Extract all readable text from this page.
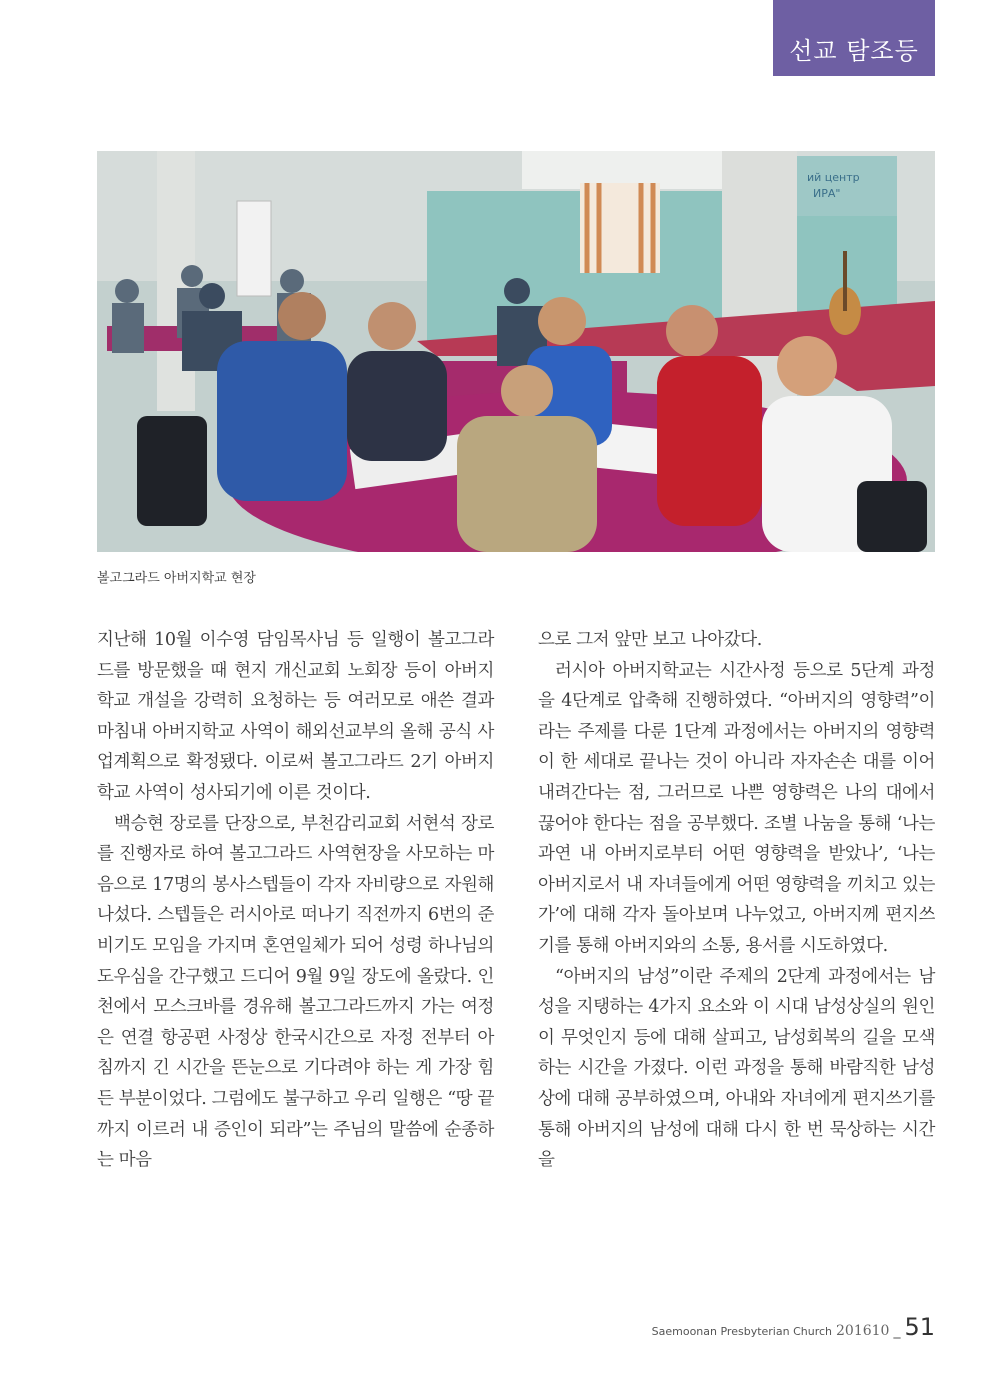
선교 탐조등
ий центр
ИРА"
볼고그라드 아버지학교 현장

지난해 10월 이수영 담임목사님 등 일행이 볼고그라드를 방문했을 때 현지 개신교회 노회장 등이 아버지학교 개설을 강력히 요청하는 등 여러모로 애쓴 결과 마침내 아버지학교 사역이 해외선교부의 올해 공식 사업계획으로 확정됐다. 이로써 볼고그라드 2기 아버지학교 사역이 성사되기에 이른 것이다.

백승현 장로를 단장으로, 부천감리교회 서현석 장로를 진행자로 하여 볼고그라드 사역현장을 사모하는 마음으로 17명의 봉사스텝들이 각자 자비량으로 자원해 나섰다. 스텝들은 러시아로 떠나기 직전까지 6번의 준비기도 모임을 가지며 혼연일체가 되어 성령 하나님의 도우심을 간구했고 드디어 9월 9일 장도에 올랐다. 인천에서 모스크바를 경유해 볼고그라드까지 가는 여정은 연결 항공편 사정상 한국시간으로 자정 전부터 아침까지 긴 시간을 뜬눈으로 기다려야 하는 게 가장 힘든 부분이었다. 그럼에도 불구하고 우리 일행은 “땅 끝까지 이르러 내 증인이 되라”는 주님의 말씀에 순종하는 마음

으로 그저 앞만 보고 나아갔다.

러시아 아버지학교는 시간사정 등으로 5단계 과정을 4단계로 압축해 진행하였다. “아버지의 영향력”이라는 주제를 다룬 1단계 과정에서는 아버지의 영향력이 한 세대로 끝나는 것이 아니라 자자손손 대를 이어 내려간다는 점, 그러므로 나쁜 영향력은 나의 대에서 끊어야 한다는 점을 공부했다. 조별 나눔을 통해 ‘나는 과연 내 아버지로부터 어떤 영향력을 받았나’, ‘나는 아버지로서 내 자녀들에게 어떤 영향력을 끼치고 있는가’에 대해 각자 돌아보며 나누었고, 아버지께 편지쓰기를 통해 아버지와의 소통, 용서를 시도하였다.

“아버지의 남성”이란 주제의 2단계 과정에서는 남성을 지탱하는 4가지 요소와 이 시대 남성상실의 원인이 무엇인지 등에 대해 살피고, 남성회복의 길을 모색하는 시간을 가졌다. 이런 과정을 통해 바람직한 남성상에 대해 공부하였으며, 아내와 자녀에게 편지쓰기를 통해 아버지의 남성에 대해 다시 한 번 묵상하는 시간을

Saemoonan Presbyterian Church 201610 _ 51
